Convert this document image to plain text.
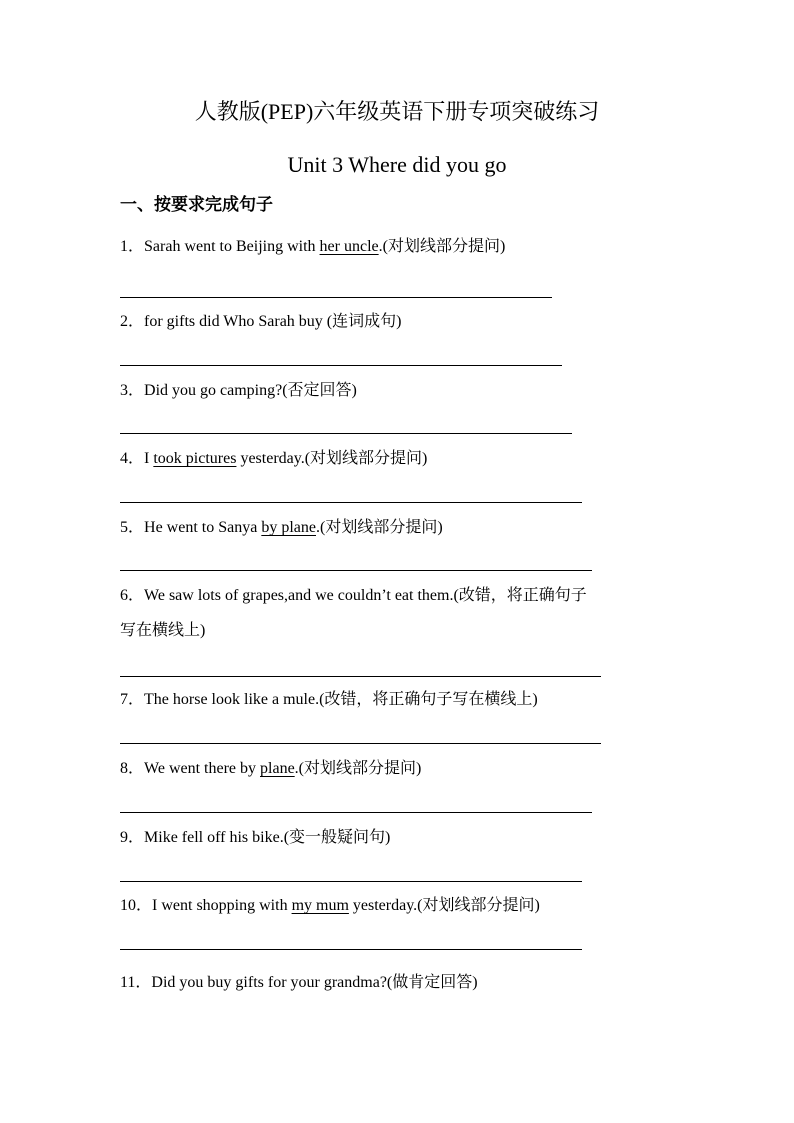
人教版(PEP)六年级英语下册专项突破练习
Unit 3 Where did you go
一、按要求完成句子
1．Sarah went to Beijing with her uncle.(对划线部分提问)
2．for gifts did Who Sarah buy (连词成句)
3．Did you go camping?(否定回答)
4．I took pictures yesterday.(对划线部分提问)
5．He went to Sanya by plane.(对划线部分提问)
6．We saw lots of grapes,and we couldn’t eat them.(改错，将正确句子
写在横线上)
7．The horse look like a mule.(改错，将正确句子写在横线上)
8．We went there by plane.(对划线部分提问)
9．Mike fell off his bike.(变一般疑问句)
10．I went shopping with my mum yesterday.(对划线部分提问)
11．Did you buy gifts for your grandma?(做肯定回答)
